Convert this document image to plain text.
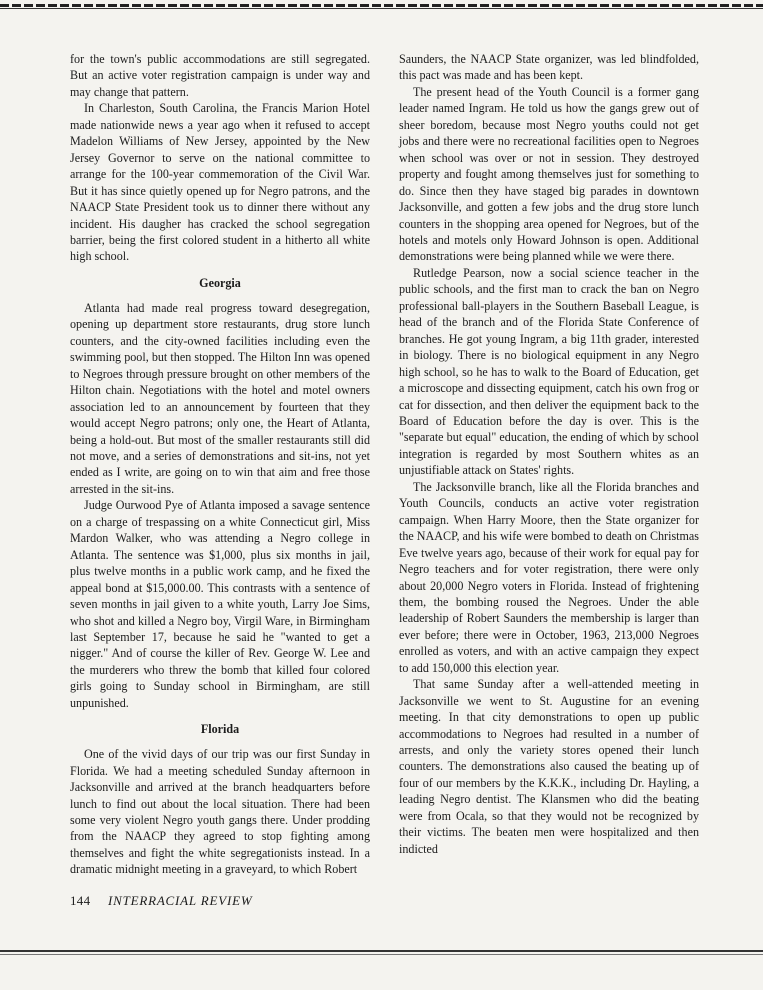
for the town's public accommodations are still segregated. But an active voter registration campaign is under way and may change that pattern.

In Charleston, South Carolina, the Francis Marion Hotel made nationwide news a year ago when it refused to accept Madelon Williams of New Jersey, appointed by the New Jersey Governor to serve on the national committee to arrange for the 100-year commemoration of the Civil War. But it has since quietly opened up for Negro patrons, and the NAACP State President took us to dinner there without any incident. His daugher has cracked the school segregation barrier, being the first colored student in a hitherto all white high school.

Georgia

Atlanta had made real progress toward desegregation, opening up department store restaurants, drug store lunch counters, and the city-owned facilities including even the swimming pool, but then stopped. The Hilton Inn was opened to Negroes through pressure brought on other members of the Hilton chain. Negotiations with the hotel and motel owners association led to an announcement by fourteen that they would accept Negro patrons; only one, the Heart of Atlanta, being a hold-out. But most of the smaller restaurants still did not move, and a series of demonstrations and sit-ins, not yet ended as I write, are going on to win that aim and free those arrested in the sit-ins.

Judge Ourwood Pye of Atlanta imposed a savage sentence on a charge of trespassing on a white Connecticut girl, Miss Mardon Walker, who was attending a Negro college in Atlanta. The sentence was $1,000, plus six months in jail, plus twelve months in a public work camp, and he fixed the appeal bond at $15,000.00. This contrasts with a sentence of seven months in jail given to a white youth, Larry Joe Sims, who shot and killed a Negro boy, Virgil Ware, in Birmingham last September 17, because he said he "wanted to get a nigger." And of course the killer of Rev. George W. Lee and the murderers who threw the bomb that killed four colored girls going to Sunday school in Birmingham, are still unpunished.

Florida

One of the vivid days of our trip was our first Sunday in Florida. We had a meeting scheduled Sunday afternoon in Jacksonville and arrived at the branch headquarters before lunch to find out about the local situation. There had been some very violent Negro youth gangs there. Under prodding from the NAACP they agreed to stop fighting among themselves and fight the white segregationists instead. In a dramatic midnight meeting in a graveyard, to which Robert

Saunders, the NAACP State organizer, was led blindfolded, this pact was made and has been kept.

The present head of the Youth Council is a former gang leader named Ingram. He told us how the gangs grew out of sheer boredom, because most Negro youths could not get jobs and there were no recreational facilities open to Negroes when school was over or not in session. They destroyed property and fought among themselves just for something to do. Since then they have staged big parades in downtown Jacksonville, and gotten a few jobs and the drug store lunch counters in the shopping area opened for Negroes, but of the hotels and motels only Howard Johnson is open. Additional demonstrations were being planned while we were there.

Rutledge Pearson, now a social science teacher in the public schools, and the first man to crack the ban on Negro professional ball-players in the Southern Baseball League, is head of the branch and of the Florida State Conference of branches. He got young Ingram, a big 11th grader, interested in biology. There is no biological equipment in any Negro high school, so he has to walk to the Board of Education, get a microscope and dissecting equipment, catch his own frog or cat for dissection, and then deliver the equipment back to the Board of Education before the day is over. This is the "separate but equal" education, the ending of which by school integration is regarded by most Southern whites as an unjustifiable attack on States' rights.

The Jacksonville branch, like all the Florida branches and Youth Councils, conducts an active voter registration campaign. When Harry Moore, then the State organizer for the NAACP, and his wife were bombed to death on Christmas Eve twelve years ago, because of their work for equal pay for Negro teachers and for voter registration, there were only about 20,000 Negro voters in Florida. Instead of frightening them, the bombing roused the Negroes. Under the able leadership of Robert Saunders the membership is larger than ever before; there were in October, 1963, 213,000 Negroes enrolled as voters, and with an active campaign they expect to add 150,000 this election year.

That same Sunday after a well-attended meeting in Jacksonville we went to St. Augustine for an evening meeting. In that city demonstrations to open up public accommodations to Negroes had resulted in a number of arrests, and only the variety stores opened their lunch counters. The demonstrations also caused the beating up of four of our members by the K.K.K., including Dr. Hayling, a leading Negro dentist. The Klansmen who did the beating were from Ocala, so that they would not be recognized by their victims. The beaten men were hospitalized and then indicted

144 INTERRACIAL REVIEW
